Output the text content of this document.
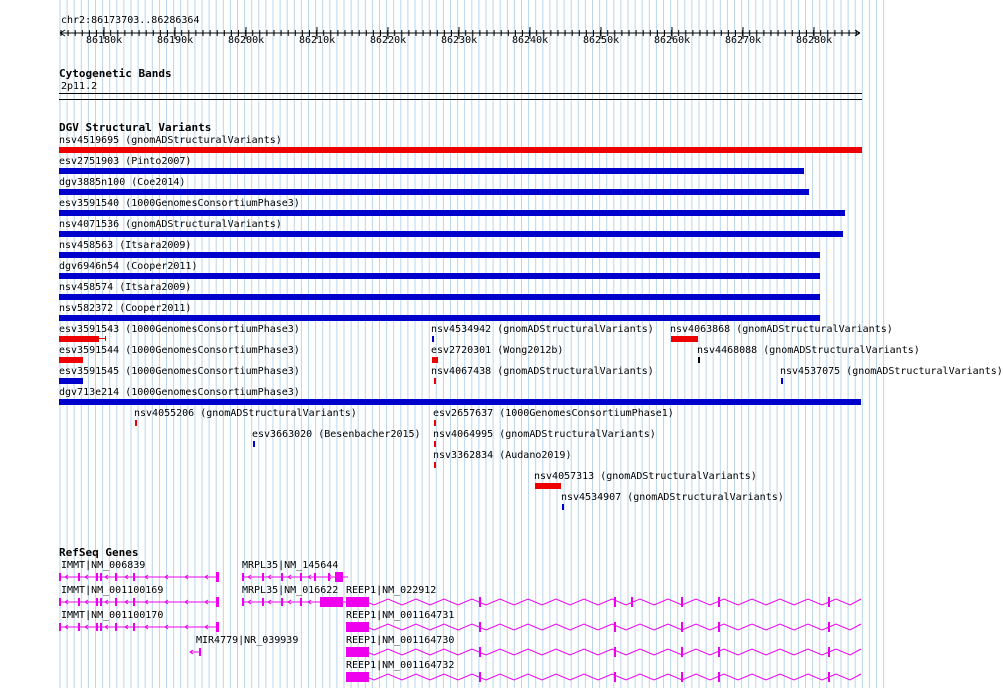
chr2:86173703..86286364
86180k	86190k	86200k	86210k	86220k	86230k	86240k	86250k	86260k	86270k	86280k
Cytogenetic Bands
2p11.2
DGV Structural Variants
nsv4519695 (gnomADStructuralVariants)
esv2751903 (Pinto2007)
dgv3885n100 (Coe2014)
esv3591540 (1000GenomesConsortiumPhase3)
nsv4071536 (gnomADStructuralVariants)
nsv458563 (Itsara2009)
dgv6946n54 (Cooper2011)
nsv458574 (Itsara2009)
nsv582372 (Cooper2011)
esv3591543 (1000GenomesConsortiumPhase3)
esv3591544 (1000GenomesConsortiumPhase3)
esv3591545 (1000GenomesConsortiumPhase3)
dgv713e214 (1000GenomesConsortiumPhase3)
nsv4534942 (gnomADStructuralVariants)
esv2720301 (Wong2012b)
nsv4067438 (gnomADStructuralVariants)
nsv4063868 (gnomADStructuralVariants)
nsv4468088 (gnomADStructuralVariants)
nsv4537075 (gnomADStructuralVariants)
nsv4055206 (gnomADStructuralVariants)	esv2657637 (1000GenomesConsortiumPhase1)
esv3663020 (Besenbacher2015) nsv4064995 (gnomADStructuralVariants)
nsv3362834 (Audano2019)
nsv4057313 (gnomADStructuralVariants)
nsv4534907 (gnomADStructuralVariants)
RefSeq Genes
IMMT|NM_006839
IMMT|NM_001100169
IMMT|NM_001100170
MRPL35|NM_145644
MRPL35|NM_016622
MIR4779|NR_039939
REEP1|NM_022912
REEP1|NM_001164731
REEP1|NM_001164730
REEP1|NM_001164732
